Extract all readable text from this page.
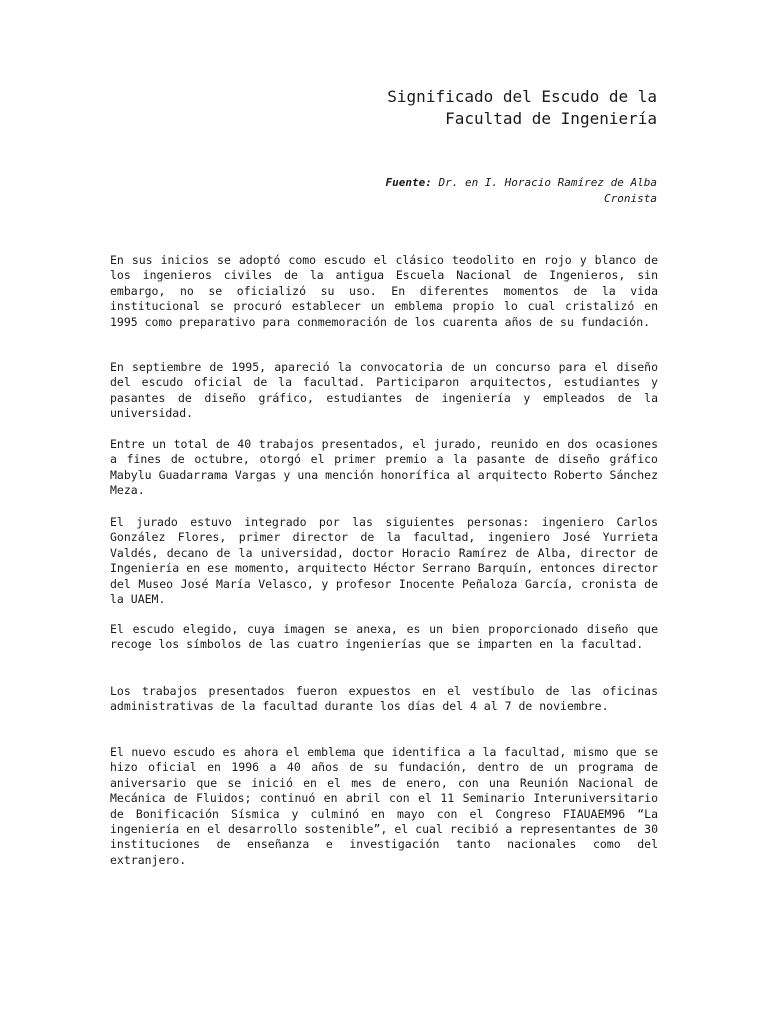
Significado del Escudo de la
Facultad de Ingeniería
Fuente: Dr. en I. Horacio Ramírez de Alba
Cronista

En sus inicios se adoptó como escudo el clásico teodolito en rojo y blanco de los ingenieros civiles de la antigua Escuela Nacional de Ingenieros, sin embargo, no se oficializó su uso. En diferentes momentos de la vida institucional se procuró establecer un emblema propio lo cual cristalizó en 1995 como preparativo para conmemoración de los cuarenta años de su fundación.

En septiembre de 1995, apareció la convocatoria de un concurso para el diseño del escudo oficial de la facultad. Participaron arquitectos, estudiantes y pasantes de diseño gráfico, estudiantes de ingeniería y empleados de la universidad.

Entre un total de 40 trabajos presentados, el jurado, reunido en dos ocasiones a fines de octubre, otorgó el primer premio a la pasante de diseño gráfico Mabylu Guadarrama Vargas y una mención honorífica al arquitecto Roberto Sánchez Meza.

El jurado estuvo integrado por las siguientes personas: ingeniero Carlos González Flores, primer director de la facultad, ingeniero José Yurrieta Valdés, decano de la universidad, doctor Horacio Ramírez de Alba, director de Ingeniería en ese momento, arquitecto Héctor Serrano Barquín, entonces director del Museo José María Velasco, y profesor Inocente Peñaloza García, cronista de la UAEM.

El escudo elegido, cuya imagen se anexa, es un bien proporcionado diseño que recoge los símbolos de las cuatro ingenierías que se imparten en la facultad.

Los trabajos presentados fueron expuestos en el vestíbulo de las oficinas administrativas de la facultad durante los días del 4 al 7 de noviembre.

El nuevo escudo es ahora el emblema que identifica a la facultad, mismo que se hizo oficial en 1996 a 40 años de su fundación, dentro de un programa de aniversario que se inició en el mes de enero, con una Reunión Nacional de Mecánica de Fluidos; continuó en abril con el 11 Seminario Interuniversitario de Bonificación Sísmica y culminó en mayo con el Congreso FIAUAEM96 “La ingeniería en el desarrollo sostenible”, el cual recibió a representantes de 30 instituciones de enseñanza e investigación tanto nacionales como del extranjero.
